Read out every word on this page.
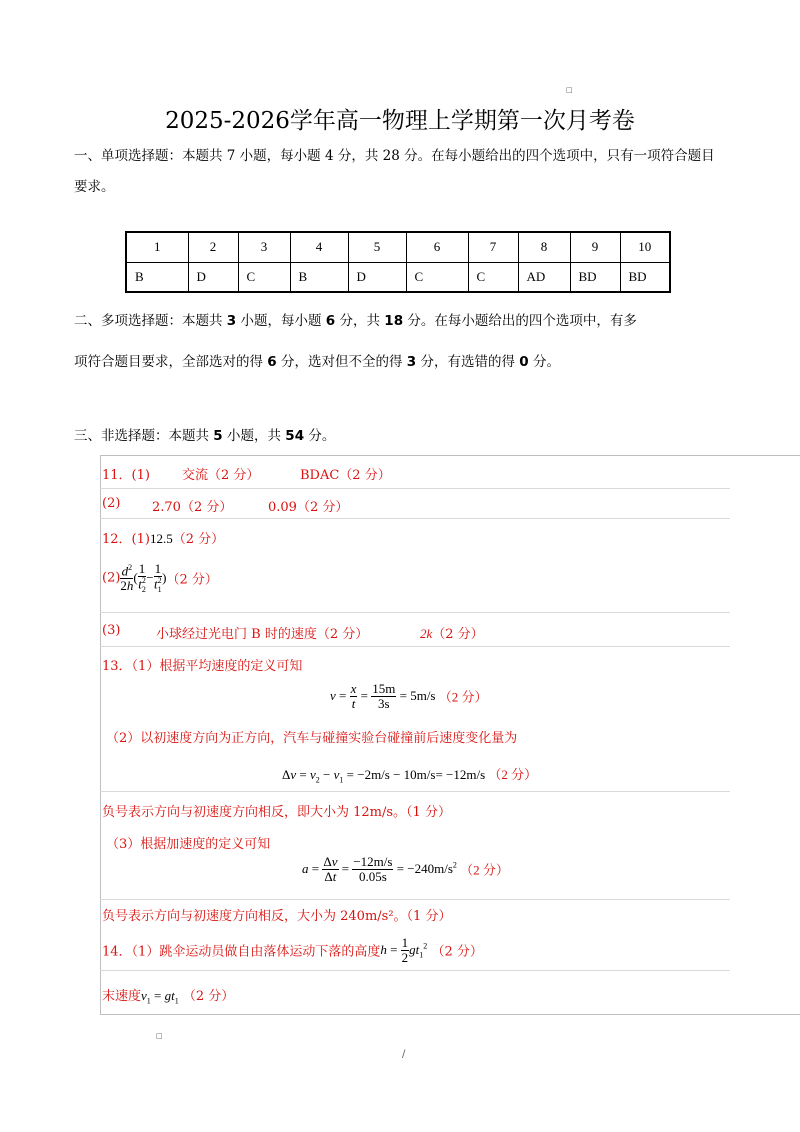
□
2025-2026学年高一物理上学期第一次月考卷
一、单项选择题：本题共 7 小题，每小题 4 分，共 28 分。在每小题给出的四个选项中，只有一项符合题目
要求。
1	2	3	4	5	6	7	8	9	10
B	D	C	B	D	C	C	AD	BD	BD
二、多项选择题：本题共 3 小题，每小题 6 分，共 18 分。在每小题给出的四个选项中，有多
项符合题目要求，全部选对的得 6 分，选对但不全的得 3 分，有选错的得 0 分。
三、非选择题：本题共 5 小题，共 54 分。
11．(1) 交流（2 分）	BDAC（2 分）
(2) 2.70（2 分）	0.09（2 分）
12．(1)12.5（2 分）
$(2) \frac{d^2}{2h}$ ( $\frac{1}{t_2^2} - \frac{1}{t_1^2} )(2$ 分）
(3)	小球经过光电门 B 时的速度（2 分）	2k（2 分）
13．（1）根据平均速度的定义可知
$v = \frac{x}{t} = \frac{15m}{3s} = 5m/s$ （2 分）
（2）以初速度方向为正方向，汽车与碰撞实验台碰撞前后速度变化量为
$\Delta v = v_2 - v_1 = -2m/s - 10m/s= -12m/s$ （2 分）
负号表示方向与初速度方向相反，即大小为 12m/s。（1 分）
（3）根据加速度的定义可知
$a = \frac{\Delta v}{\Delta t} = \frac{-12m/s}{0.05s} = -240m/s^2$ （2 分）
负号表示方向与初速度方向相反，大小为 240m/s²。（1 分）
14．（1）跳伞运动员做自由落体运动下落的高度$h = \frac{1}{2} gt_1^2$ （2 分）
末速度$v_1 = gt_1$ （2 分）
□
/
